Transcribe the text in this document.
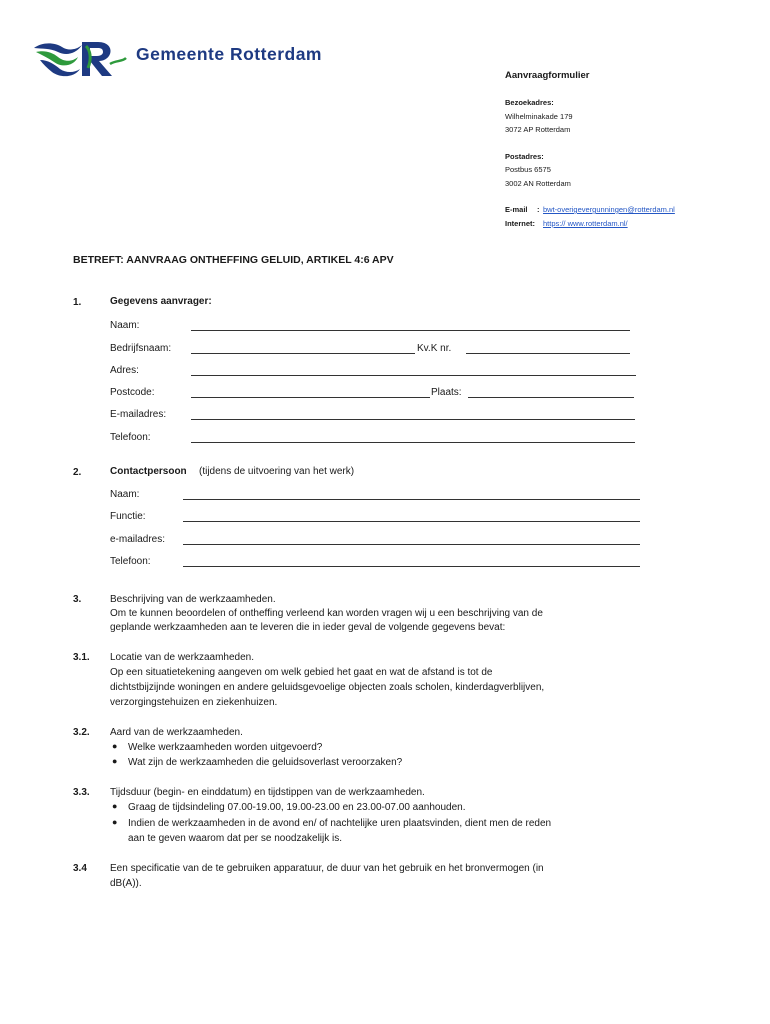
Gemeente Rotterdam
Aanvraagformulier
Bezoekadres:
Wilhelminakade 179
3072 AP Rotterdam
Postadres:
Postbus 6575
3002 AN Rotterdam
E-mail : bwt-overigevergunningen@rotterdam.nl
Internet: https:// www.rotterdam.nl/
BETREFT: AANVRAAG ONTHEFFING GELUID, ARTIKEL 4:6 APV
1.	Gegevens aanvrager:
Naam:
Bedrijfsnaam:	Kv.K nr.
Adres:
Postcode:	Plaats:
E-mailadres:
Telefoon:
2.	Contactpersoon (tijdens de uitvoering van het werk)
Naam:
Functie:
e-mailadres:
Telefoon:
3.	Beschrijving van de werkzaamheden.
Om te kunnen beoordelen of ontheffing verleend kan worden vragen wij u een beschrijving van de
geplande werkzaamheden aan te leveren die in ieder geval de volgende gegevens bevat:
3.1. Locatie van de werkzaamheden.
Op een situatietekening aangeven om welk gebied het gaat en wat de afstand is tot de
dichtstbijzijnde woningen en andere geluidsgevoelige objecten zoals scholen, kinderdagverblijven,
verzorgingstehuizen en ziekenhuizen.
3.2. Aard van de werkzaamheden.
● Welke werkzaamheden worden uitgevoerd?
● Wat zijn de werkzaamheden die geluidsoverlast veroorzaken?
3.3. Tijdsduur (begin- en einddatum) en tijdstippen van de werkzaamheden.
● Graag de tijdsindeling 07.00-19.00, 19.00-23.00 en 23.00-07.00 aanhouden.
● Indien de werkzaamheden in de avond en/ of nachtelijke uren plaatsvinden, dient men de reden
aan te geven waarom dat per se noodzakelijk is.
3.4 Een specificatie van de te gebruiken apparatuur, de duur van het gebruik en het bronvermogen (in
dB(A)).
